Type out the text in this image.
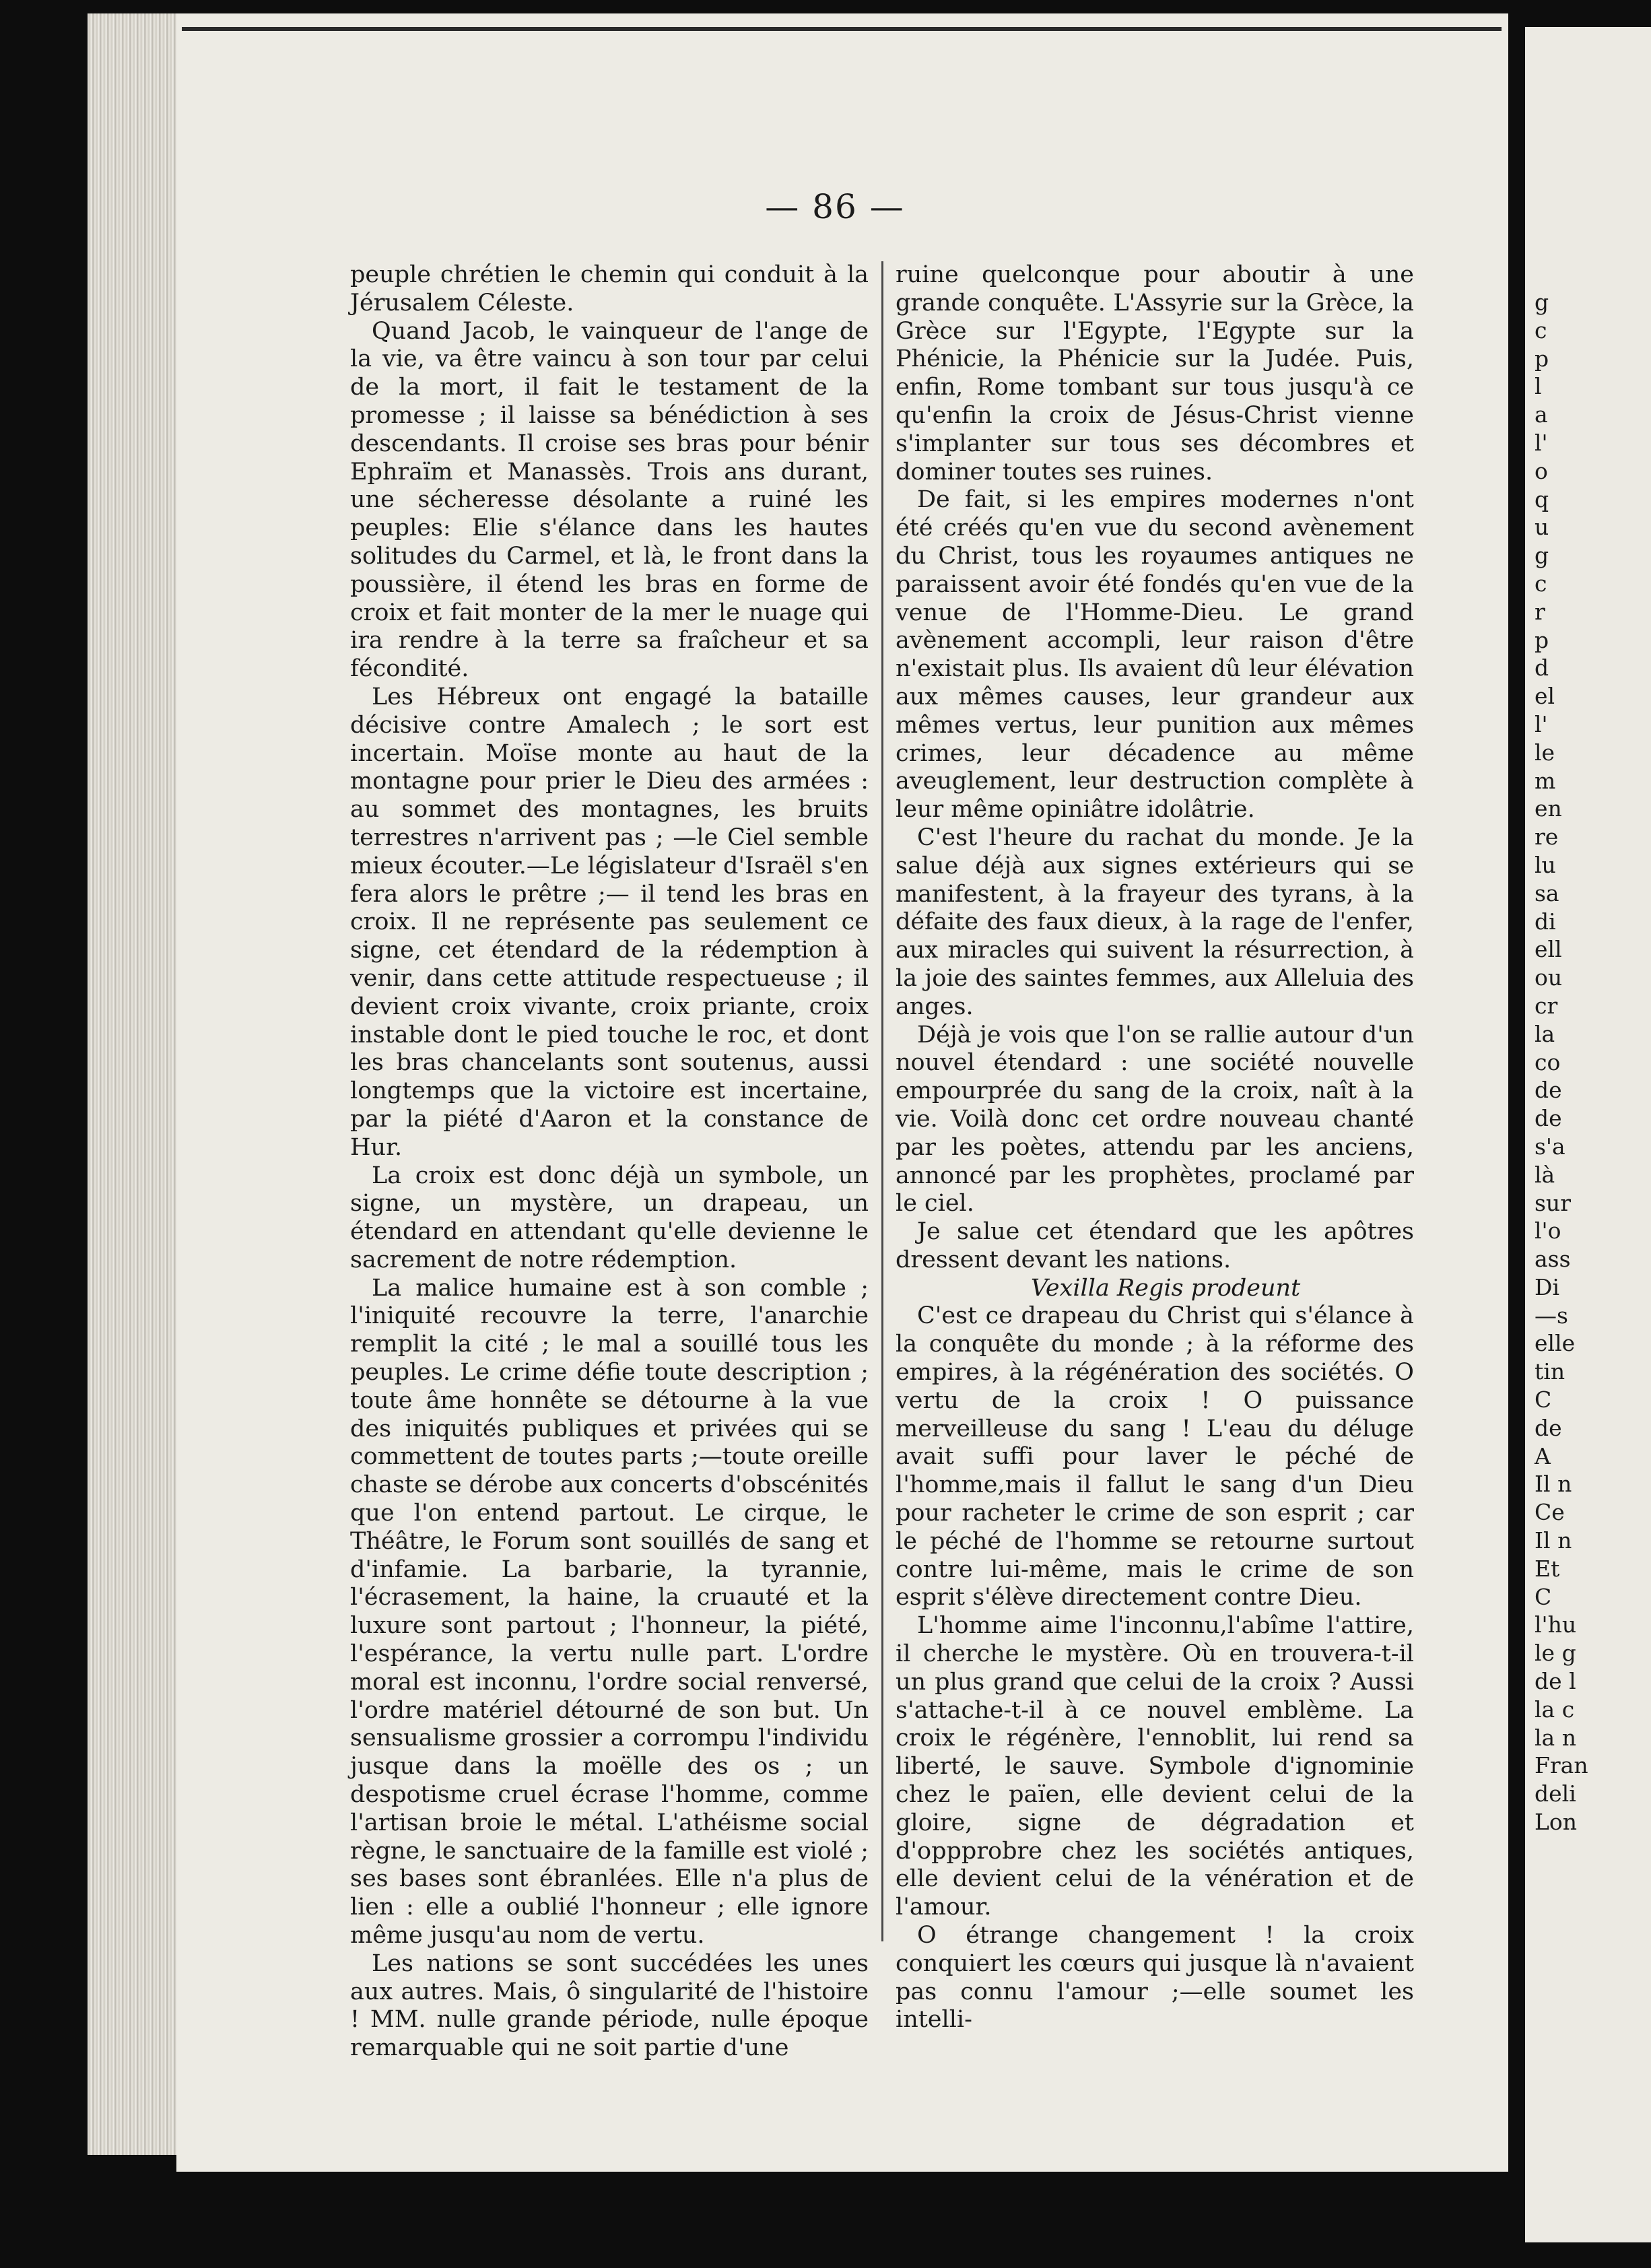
— 86 —

peuple chrétien le chemin qui conduit à la Jérusalem Céleste.

Quand Jacob, le vainqueur de l'ange de la vie, va être vaincu à son tour par celui de la mort, il fait le testament de la promesse ; il laisse sa bénédiction à ses descendants. Il croise ses bras pour bénir Ephraïm et Manassès. Trois ans durant, une sécheresse désolante a ruiné les peuples: Elie s'élance dans les hautes solitudes du Carmel, et là, le front dans la poussière, il étend les bras en forme de croix et fait monter de la mer le nuage qui ira rendre à la terre sa fraîcheur et sa fécondité.

Les Hébreux ont engagé la bataille décisive contre Amalech ; le sort est incertain. Moïse monte au haut de la montagne pour prier le Dieu des armées : au sommet des montagnes, les bruits terrestres n'arrivent pas ; —le Ciel semble mieux écouter.—Le législateur d'Israël s'en fera alors le prêtre ;— il tend les bras en croix. Il ne représente pas seulement ce signe, cet étendard de la rédemption à venir, dans cette attitude respectueuse ; il devient croix vivante, croix priante, croix instable dont le pied touche le roc, et dont les bras chancelants sont soutenus, aussi longtemps que la victoire est incertaine, par la piété d'Aaron et la constance de Hur.

La croix est donc déjà un symbole, un signe, un mystère, un drapeau, un étendard en attendant qu'elle devienne le sacrement de notre rédemption.

La malice humaine est à son comble ; l'iniquité recouvre la terre, l'anarchie remplit la cité ; le mal a souillé tous les peuples. Le crime défie toute description ; toute âme honnête se détourne à la vue des iniquités publiques et privées qui se commettent de toutes parts ;—toute oreille chaste se dérobe aux concerts d'obscénités que l'on entend partout. Le cirque, le Théâtre, le Forum sont souillés de sang et d'infamie. La barbarie, la tyrannie, l'écrasement, la haine, la cruauté et la luxure sont partout ; l'honneur, la piété, l'espérance, la vertu nulle part. L'ordre moral est inconnu, l'ordre social renversé, l'ordre matériel détourné de son but. Un sensualisme grossier a corrompu l'individu jusque dans la moëlle des os ; un despotisme cruel écrase l'homme, comme l'artisan broie le métal. L'athéisme social règne, le sanctuaire de la famille est violé ; ses bases sont ébranlées. Elle n'a plus de lien : elle a oublié l'honneur ; elle ignore même jusqu'au nom de vertu.

Les nations se sont succédées les unes aux autres. Mais, ô singularité de l'histoire ! MM. nulle grande période, nulle époque remarquable qui ne soit partie d'une

ruine quelconque pour aboutir à une grande conquête. L'Assyrie sur la Grèce, la Grèce sur l'Egypte, l'Egypte sur la Phénicie, la Phénicie sur la Judée. Puis, enfin, Rome tombant sur tous jusqu'à ce qu'enfin la croix de Jésus-Christ vienne s'implanter sur tous ses décombres et dominer toutes ses ruines.

De fait, si les empires modernes n'ont été créés qu'en vue du second avènement du Christ, tous les royaumes antiques ne paraissent avoir été fondés qu'en vue de la venue de l'Homme-Dieu. Le grand avènement accompli, leur raison d'être n'existait plus. Ils avaient dû leur élévation aux mêmes causes, leur grandeur aux mêmes vertus, leur punition aux mêmes crimes, leur décadence au même aveuglement, leur destruction complète à leur même opiniâtre idolâtrie.

C'est l'heure du rachat du monde. Je la salue déjà aux signes extérieurs qui se manifestent, à la frayeur des tyrans, à la défaite des faux dieux, à la rage de l'enfer, aux miracles qui suivent la résurrection, à la joie des saintes femmes, aux Alleluia des anges.

Déjà je vois que l'on se rallie autour d'un nouvel étendard : une société nouvelle empourprée du sang de la croix, naît à la vie. Voilà donc cet ordre nouveau chanté par les poètes, attendu par les anciens, annoncé par les prophètes, proclamé par le ciel.

Je salue cet étendard que les apôtres dressent devant les nations.

Vexilla Regis prodeunt

C'est ce drapeau du Christ qui s'élance à la conquête du monde ; à la réforme des empires, à la régénération des sociétés. O vertu de la croix ! O puissance merveilleuse du sang ! L'eau du déluge avait suffi pour laver le péché de l'homme,mais il fallut le sang d'un Dieu pour racheter le crime de son esprit ; car le péché de l'homme se retourne surtout contre lui-même, mais le crime de son esprit s'élève directement contre Dieu.

L'homme aime l'inconnu,l'abîme l'attire, il cherche le mystère. Où en trouvera-t-il un plus grand que celui de la croix ? Aussi s'attache-t-il à ce nouvel emblème. La croix le régénère, l'ennoblit, lui rend sa liberté, le sauve. Symbole d'ignominie chez le païen, elle devient celui de la gloire, signe de dégradation et d'oppprobre chez les sociétés antiques, elle devient celui de la vénération et de l'amour.

O étrange changement ! la croix conquiert les cœurs qui jusque là n'avaient pas connu l'amour ;—elle soumet les intelli-

g
c
p
l
a
l'
o
q
u
g
c
r
p
d
el
l'
le
m
en
re
lu
sa
di
ell
ou
cr
la
co
de
de
s'a
là
sur
l'o
ass
Di
—s
elle
tin
C
de
A
Il n
Ce
Il n
Et
C
l'hu
le g
de l
la c
la n
Fran
deli
Lon
